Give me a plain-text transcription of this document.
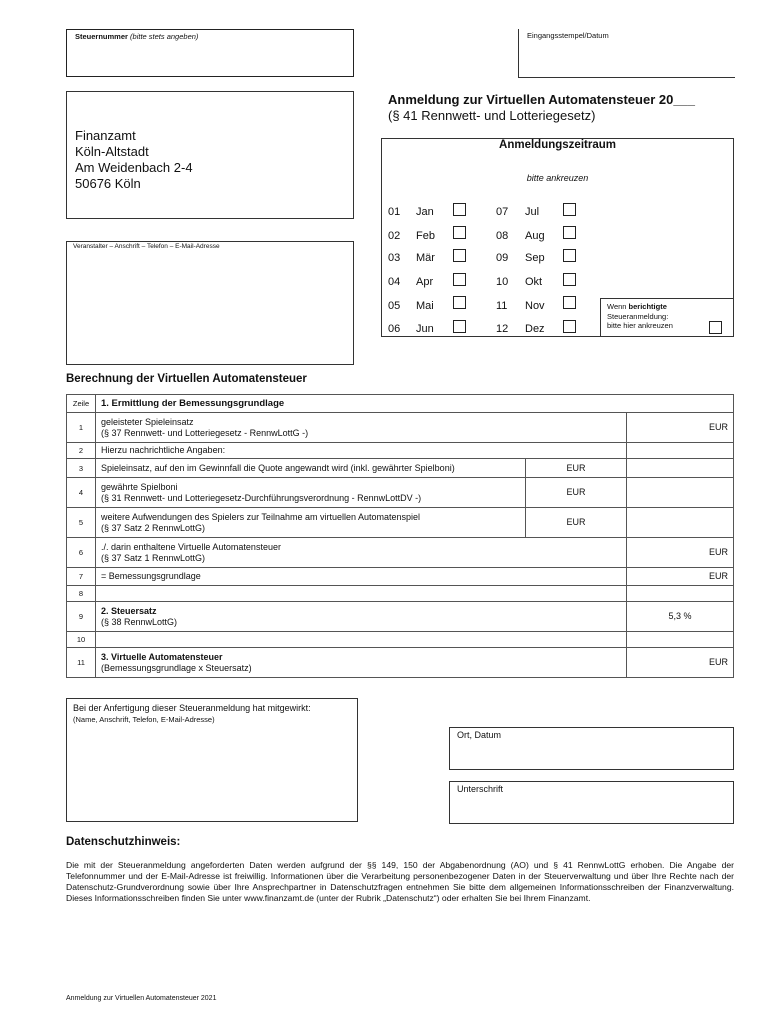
Steuernummer (bitte stets angeben)	Eingangsstempel/Datum
Finanzamt
Köln-Altstadt
Am Weidenbach 2-4
50676 Köln
Veranstalter – Anschrift – Telefon – E-Mail-Adresse
Anmeldung zur Virtuellen Automatensteuer 20___
(§ 41 Rennwett- und Lotteriegesetz)
Anmeldungszeitraum
bitte ankreuzen
01 Jan
02 Feb
03 Mär
04 Apr
05 Mai
06 Jun
07 Jul
08 Aug
09 Sep
10 Okt
11 Nov
12 Dez
Wenn berichtigte
Steueranmeldung:
bitte hier ankreuzen
Berechnung der Virtuellen Automatensteuer
Zeile	1. Ermittlung der Bemessungsgrundlage		
1	geleisteter Spieleinsatz
(§ 37 Rennwett- und Lotteriegesetz - RennwLottG -)		EUR
2	Hierzu nachrichtliche Angaben:		
3	Spieleinsatz, auf den im Gewinnfall die Quote angewandt wird (inkl. gewährter Spielboni)	EUR	
4	gewährte Spielboni
(§ 31 Rennwett- und Lotteriegesetz-Durchführungsverordnung - RennwLottDV -)	EUR	
5	weitere Aufwendungen des Spielers zur Teilnahme am virtuellen Automatenspiel
(§ 37 Satz 2 RennwLottG)	EUR	
6	./. darin enthaltene Virtuelle Automatensteuer
(§ 37 Satz 1 RennwLottG)		EUR
7	= Bemessungsgrundlage		EUR
8			
9	2. Steuersatz
(§ 38 RennwLottG)		5,3 %
10			
11	3. Virtuelle Automatensteuer
(Bemessungsgrundlage x Steuersatz)		EUR
Bei der Anfertigung dieser Steueranmeldung hat mitgewirkt:
(Name, Anschrift, Telefon, E-Mail-Adresse)
Ort, Datum
Unterschrift
Datenschutzhinweis:
Die mit der Steueranmeldung angeforderten Daten werden aufgrund der §§ 149, 150 der Abgabenordnung (AO) und § 41 RennwLottG erhoben. Die Angabe der Telefonnummer und der E-Mail-Adresse ist freiwillig. Informationen über die Verarbeitung personenbezogener Daten in der Steuerverwaltung und über Ihre Rechte nach der Datenschutz-Grundverordnung sowie über Ihre Ansprechpartner in Datenschutzfragen entnehmen Sie bitte dem allgemeinen Informationsschreiben der Finanzverwaltung. Dieses Informationsschreiben finden Sie unter www.finanzamt.de (unter der Rubrik „Datenschutz“) oder erhalten Sie bei Ihrem Finanzamt.
Anmeldung zur Virtuellen Automatensteuer 2021
